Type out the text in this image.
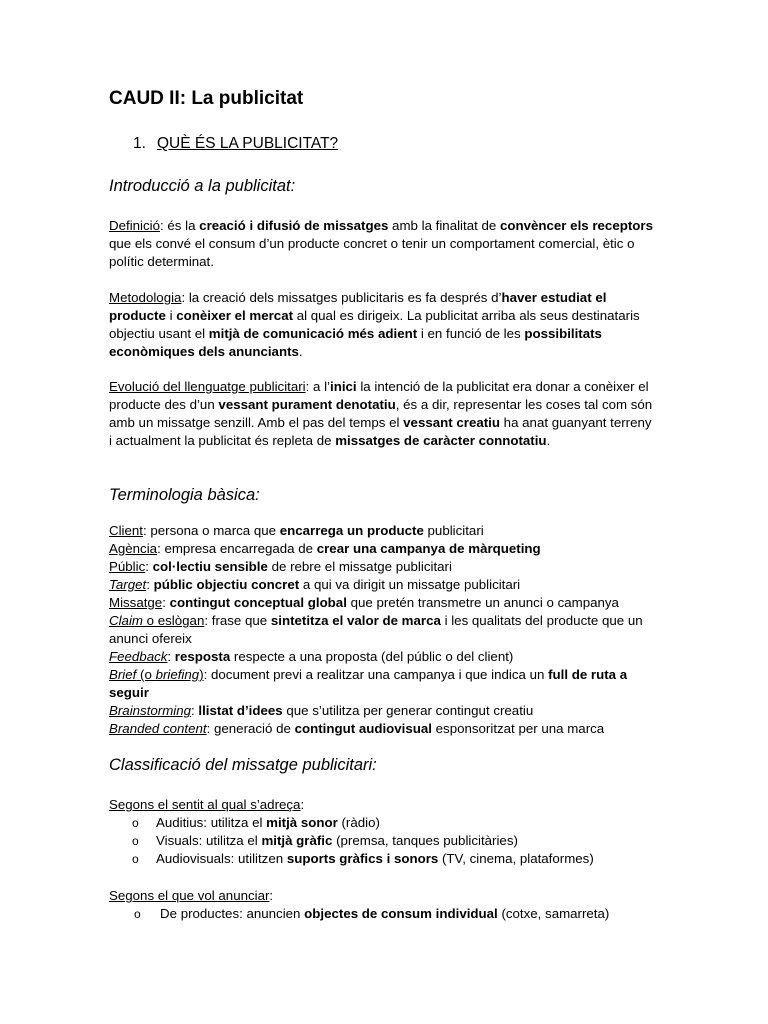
CAUD II: La publicitat
1. QUÈ ÉS LA PUBLICITAT?
Introducció a la publicitat:

Definició: és la creació i difusió de missatges amb la finalitat de convèncer els receptors que els convé el consum d’un producte concret o tenir un comportament comercial, ètic o polític determinat.

Metodologia: la creació dels missatges publicitaris es fa després d’haver estudiat el producte i conèixer el mercat al qual es dirigeix. La publicitat arriba als seus destinataris objectiu usant el mitjà de comunicació més adient i en funció de les possibilitats econòmiques dels anunciants.

Evolució del llenguatge publicitari: a l’inici la intenció de la publicitat era donar a conèixer el producte des d’un vessant purament denotatiu, és a dir, representar les coses tal com són amb un missatge senzill. Amb el pas del temps el vessant creatiu ha anat guanyant terreny i actualment la publicitat és repleta de missatges de caràcter connotatiu.

Terminologia bàsica:

Client: persona o marca que encarrega un producte publicitari

Agència: empresa encarregada de crear una campanya de màrqueting

Públic: col·lectiu sensible de rebre el missatge publicitari

Target: públic objectiu concret a qui va dirigit un missatge publicitari

Missatge: contingut conceptual global que pretén transmetre un anunci o campanya

Claim o eslògan: frase que sintetitza el valor de marca i les qualitats del producte que un anunci ofereix

Feedback: resposta respecte a una proposta (del públic o del client)

Brief (o briefing): document previ a realitzar una campanya i que indica un full de ruta a seguir

Brainstorming: llistat d’idees que s’utilitza per generar contingut creatiu

Branded content: generació de contingut audiovisual esponsoritzat per una marca

Classificació del missatge publicitari:
Segons el sentit al qual s’adreça:
o Auditius: utilitza el mitjà sonor (ràdio)
o Visuals: utilitza el mitjà gràfic (premsa, tanques publicitàries)
o Audiovisuals: utilitzen suports gràfics i sonors (TV, cinema, plataformes)
Segons el que vol anunciar:
o De productes: anuncien objectes de consum individual (cotxe, samarreta)
